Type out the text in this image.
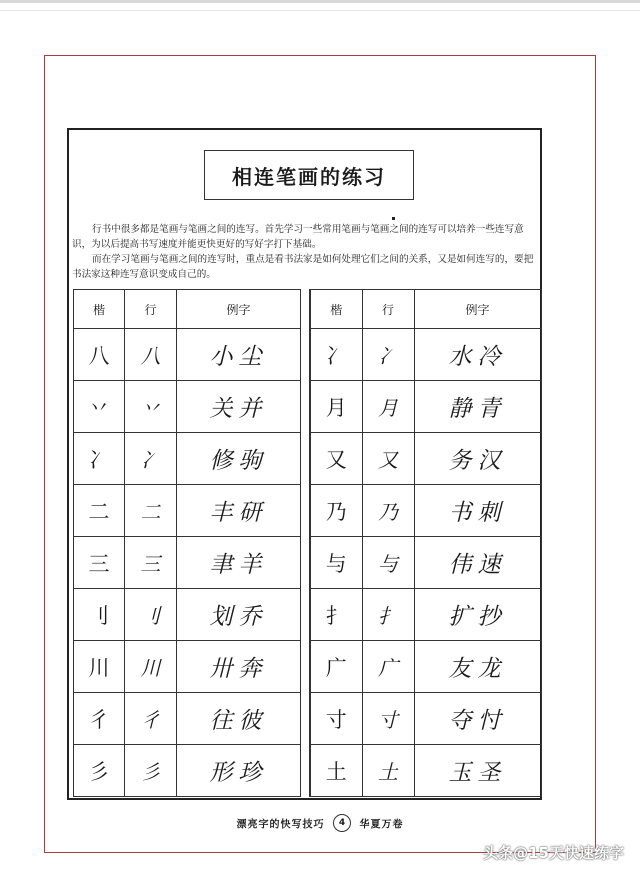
相连笔画的练习

行书中很多都是笔画与笔画之间的连写。首先学习一些常用笔画与笔画之间的连写可以培养一些连写意识，为以后提高书写速度并能更快更好的写好字打下基础。

而在学习笔画与笔画之间的连写时，重点是看书法家是如何处理它们之间的关系，又是如何连写的，要把书法家这种连写意识变成自己的。

楷	行	例字
八	八	小尘
丷	丷	关并
冫	冫	修驹
二	二	丰研
三	三	聿羊
刂	刂	划乔
川	川	卅奔
彳	彳	往彼
彡	彡	形珍
楷	行	例字
冫	冫	水冷
月	月	静青
又	又	务汉
乃	乃	书刺
与	与	伟速
扌	扌	扩抄
广	广	友龙
寸	寸	夺忖
土	土	玉圣
漂亮字的快写技巧 4 华夏万卷
头条@15天快速练字
